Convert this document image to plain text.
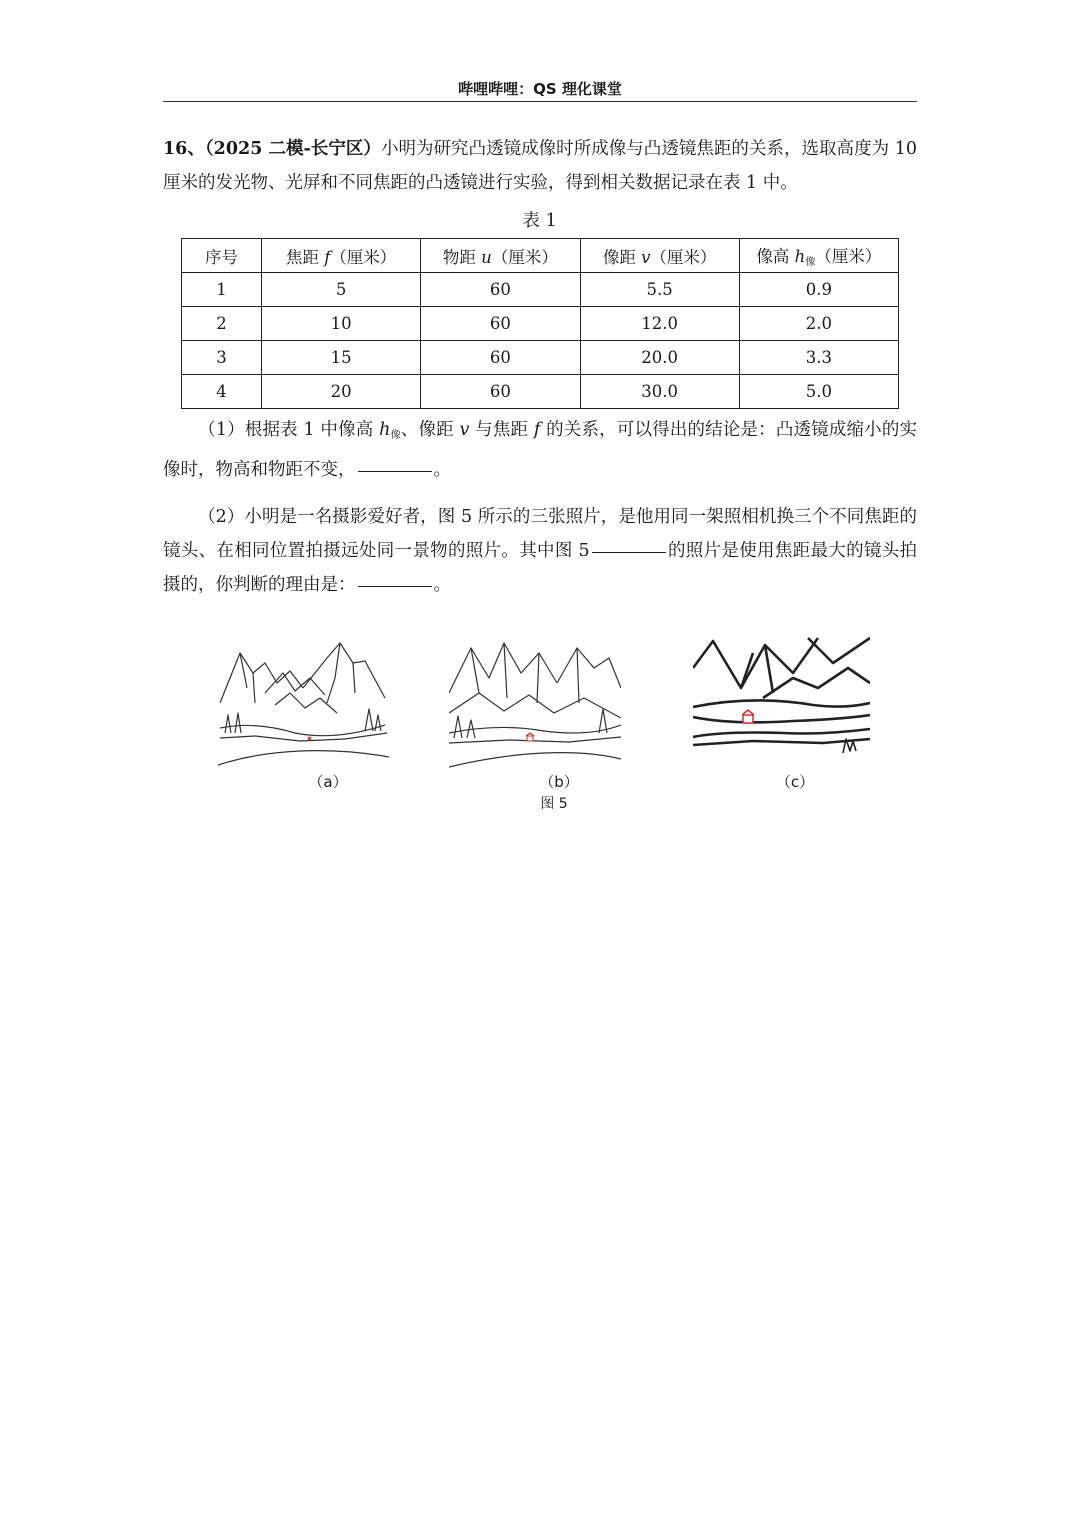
哔哩哔哩：QS 理化课堂
16、（2025 二模-长宁区）小明为研究凸透镜成像时所成像与凸透镜焦距的关系，选取高度为 10 厘米的发光物、光屏和不同焦距的凸透镜进行实验，得到相关数据记录在表 1 中。
表 1
序号	焦距 f（厘米）	物距 u（厘米）	像距 v（厘米）	像高 $h_像$（厘米）
1	5	60	5.5	0.9
2	10	60	12.0	2.0
3	15	60	20.0	3.3
4	20	60	30.0	5.0
（1）根据表 1 中像高 $h_像$、像距 v 与焦距 f 的关系，可以得出的结论是：凸透镜成缩小的实像时，物高和物距不变，	。
（2）小明是一名摄影爱好者，图 5 所示的三张照片，是他用同一架照相机换三个不同焦距的镜头、在相同位置拍摄远处同一景物的照片。其中图 5	的照片是使用焦距最大的镜头拍摄的，你判断的理由是：	。
（a）	（b）	（c）
图 5
